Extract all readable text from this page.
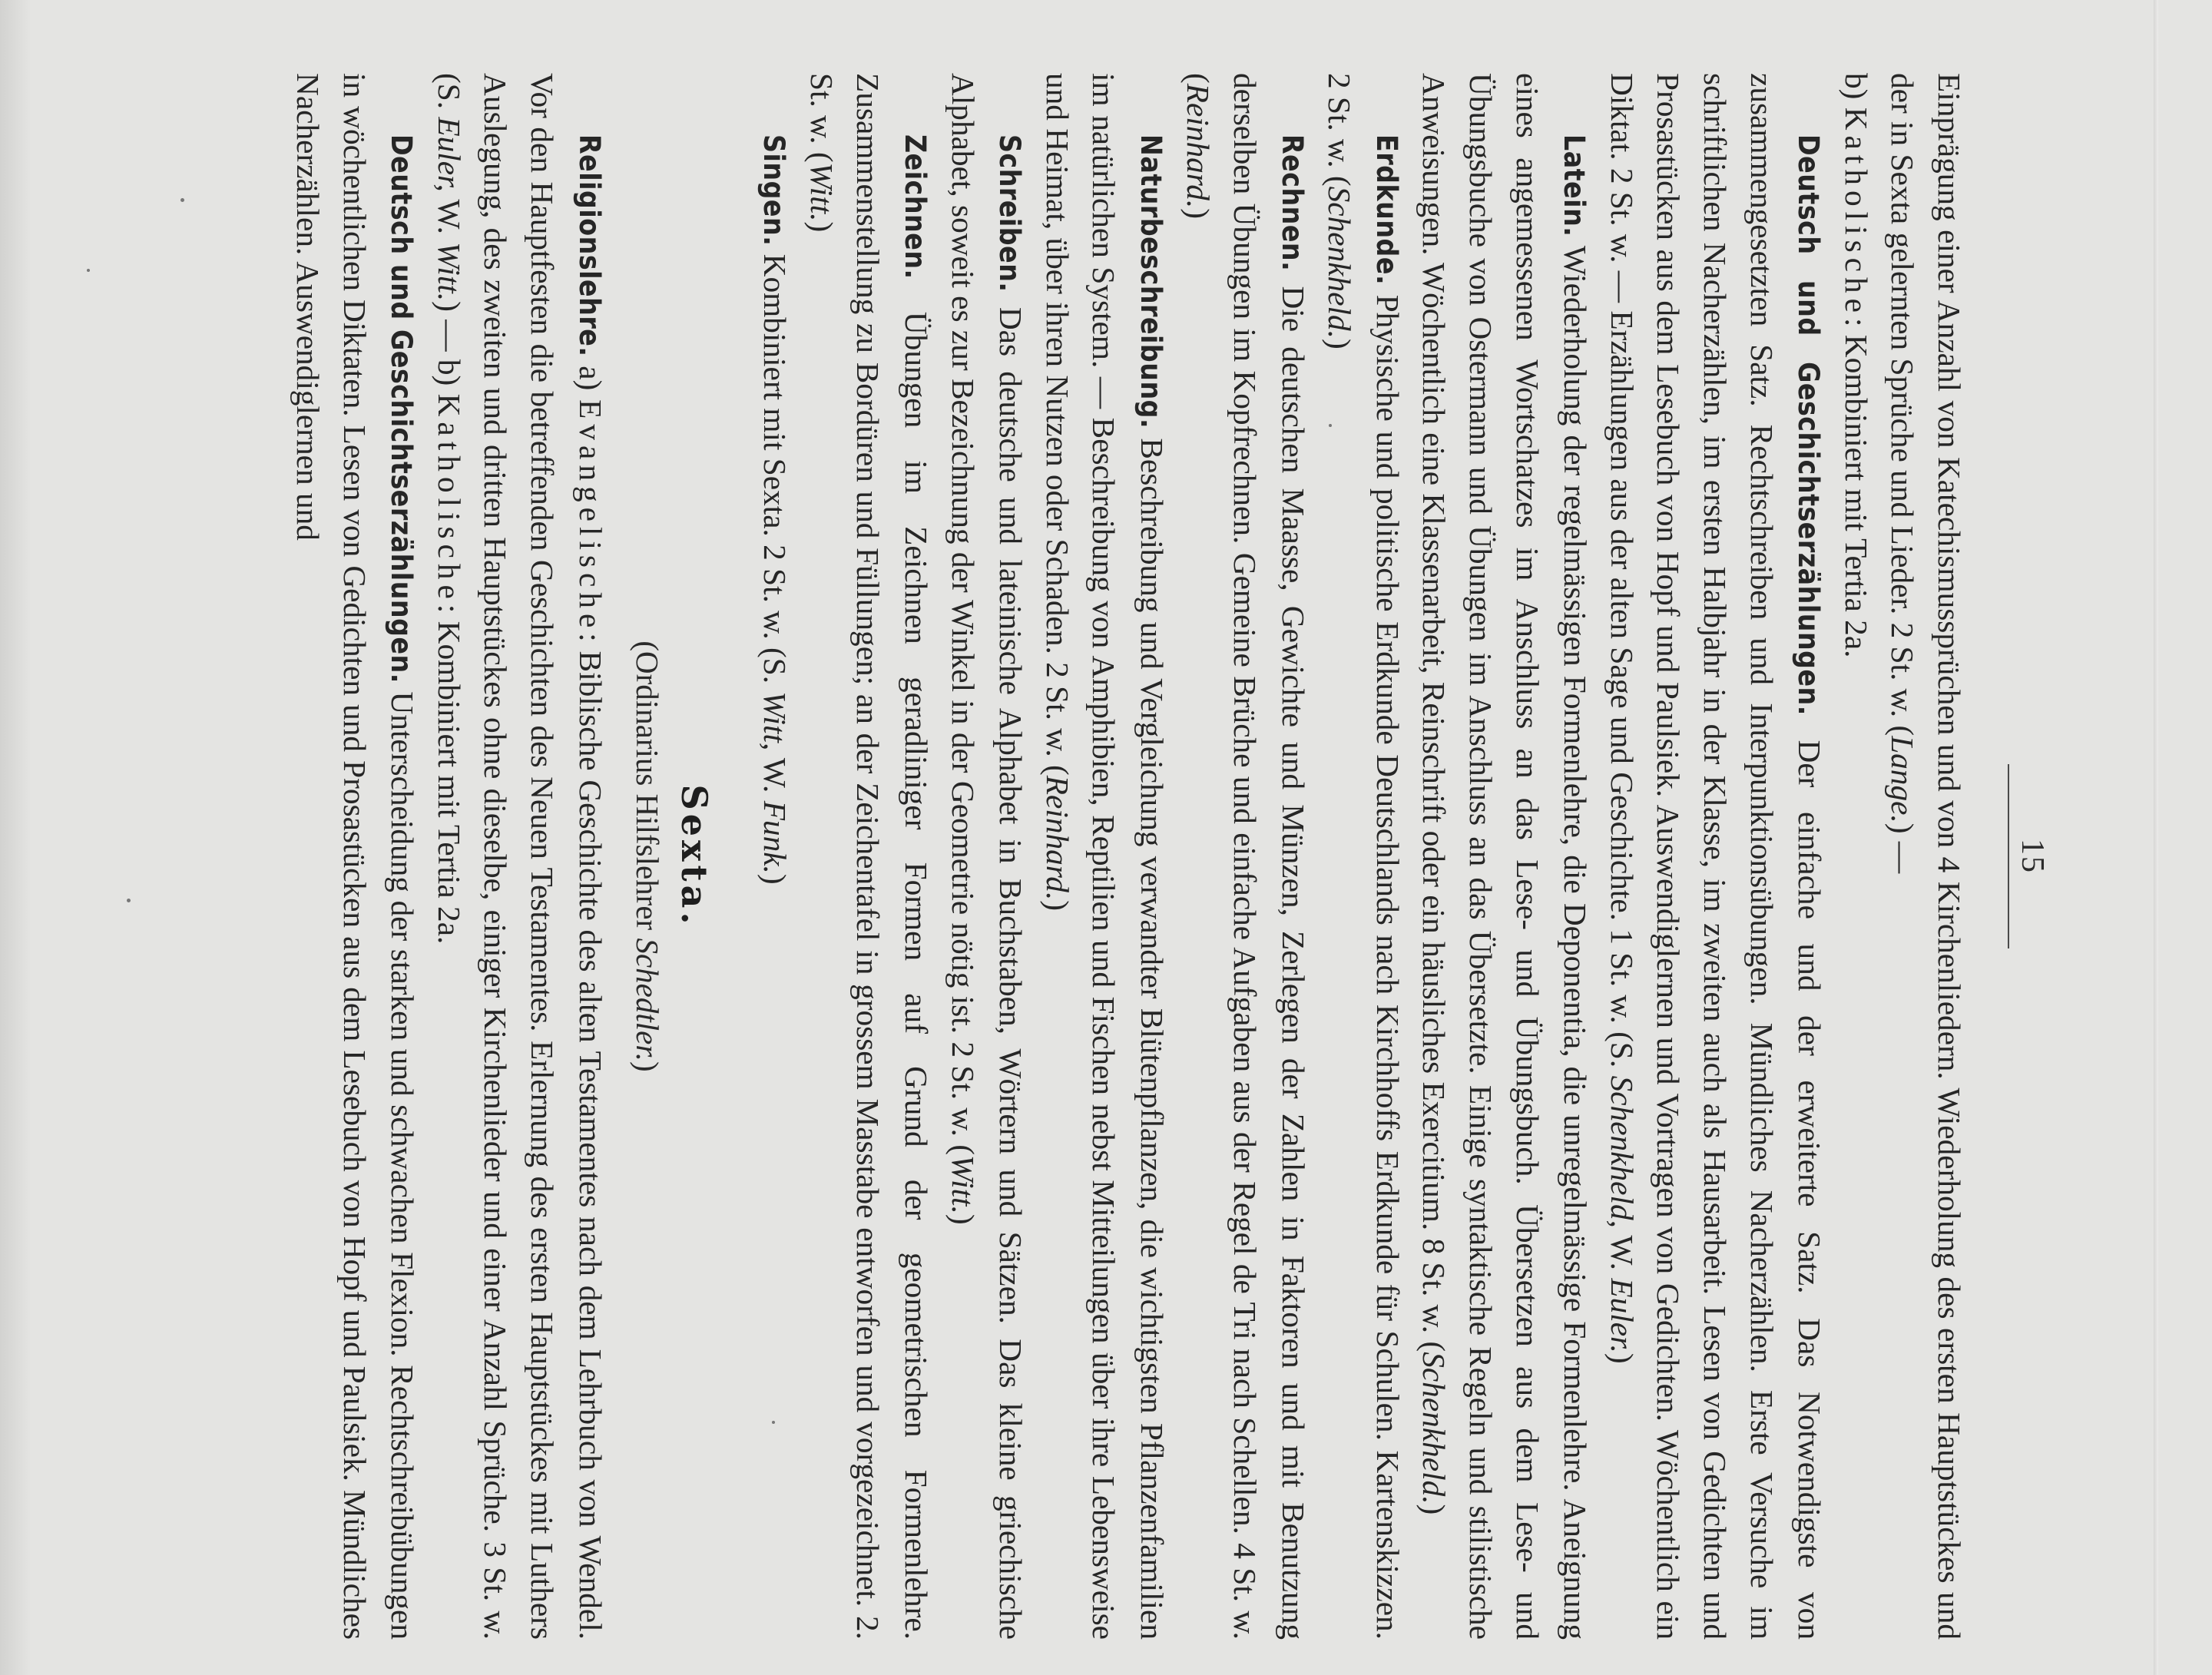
15

Einprägung einer Anzahl von Katechismussprüchen und von 4 Kirchenliedern. Wiederholung des ersten Hauptstückes und der in Sexta gelernten Sprüche und Lieder. 2 St. w. (Lange.) —

b) Katholische: Kombiniert mit Tertia 2a.

Deutsch und Geschichtserzählungen. Der einfache und der erweiterte Satz. Das Notwendigste von zusammengesetzten Satz. Rechtschreiben und Interpunktionsübungen. Mündliches Nacherzählen. Erste Versuche im schriftlichen Nacherzählen, im ersten Halbjahr in der Klasse, im zweiten auch als Hausarbeit. Lesen von Gedichten und Prosastücken aus dem Lesebuch von Hopf und Paulsiek. Auswendiglernen und Vortragen von Gedichten. Wöchentlich ein Diktat. 2 St. w. — Erzählungen aus der alten Sage und Geschichte. 1 St. w. (S. Schenkheld, W. Euler.)

Latein. Wiederholung der regelmässigen Formenlehre, die Deponentia, die unregelmässige Formenlehre. Aneignung eines angemessenen Wortschatzes im Anschluss an das Lese- und Übungsbuch. Übersetzen aus dem Lese- und Übungsbuche von Ostermann und Übungen im Anschluss an das Übersetzte. Einige syntaktische Regeln und stilistische Anweisungen. Wöchentlich eine Klassenarbeit, Reinschrift oder ein häusliches Exercitium. 8 St. w. (Schenkheld.)

Erdkunde. Physische und politische Erdkunde Deutschlands nach Kirchhoffs Erdkunde für Schulen. Kartenskizzen. 2 St. w. (Schenkheld.)

Rechnen. Die deutschen Maasse, Gewichte und Münzen, Zerlegen der Zahlen in Faktoren und mit Benutzung derselben Übungen im Kopfrechnen. Gemeine Brüche und einfache Aufgaben aus der Regel de Tri nach Schellen. 4 St. w. (Reinhard.)

Naturbeschreibung. Beschreibung und Vergleichung verwandter Blütenpflanzen, die wichtigsten Pflanzenfamilien im natürlichen System. — Beschreibung von Amphibien, Reptilien und Fischen nebst Mitteilungen über ihre Lebensweise und Heimat, über ihren Nutzen oder Schaden. 2 St. w. (Reinhard.)

Schreiben. Das deutsche und lateinische Alphabet in Buchstaben, Wörtern und Sätzen. Das kleine griechische Alphabet, soweit es zur Bezeichnung der Winkel in der Geometrie nötig ist. 2 St. w. (Witt.)

Zeichnen. Übungen im Zeichnen geradliniger Formen auf Grund der geometrischen Formenlehre. Zusammenstellung zu Bordüren und Füllungen; an der Zeichentafel in grossem Masstabe entworfen und vorgezeichnet. 2. St. w. (Witt.)

Singen. Kombiniert mit Sexta. 2 St. w. (S. Witt, W. Funk.)

Sexta.
(Ordinarius Hilfslehrer Schedtler.)

Religionslehre. a) Evangelische: Biblische Geschichte des alten Testamentes nach dem Lehrbuch von Wendel. Vor den Hauptfesten die betreffenden Geschichten des Neuen Testamentes. Erlernung des ersten Hauptstückes mit Luthers Auslegung, des zweiten und dritten Hauptstückes ohne dieselbe, einiger Kirchenlieder und einer Anzahl Sprüche. 3 St. w. (S. Euler, W. Witt.) — b) Katholische: Kombiniert mit Tertia 2a.

Deutsch und Geschichtserzählungen. Unterscheidung der starken und schwachen Flexion. Rechtschreibübungen in wöchentlichen Diktaten. Lesen von Gedichten und Prosastücken aus dem Lesebuch von Hopf und Paulsiek. Mündliches Nacherzählen. Auswendiglernen und
